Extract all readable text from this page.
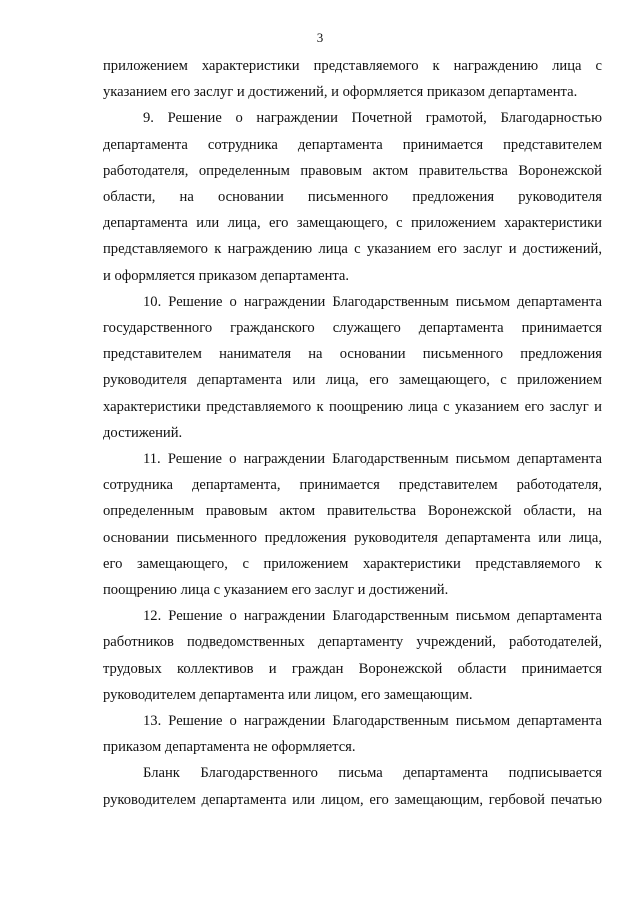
3
приложением характеристики представляемого к награждению лица с
указанием его заслуг и достижений, и оформляется приказом департамента.
9. Решение о награждении Почетной грамотой, Благодарностью
департамента сотрудника департамента принимается представителем
работодателя, определенным правовым актом правительства Воронежской
области, на основании письменного предложения руководителя
департамента или лица, его замещающего, с приложением характеристики
представляемого к награждению лица с указанием его заслуг и достижений,
и оформляется приказом департамента.
10. Решение о награждении Благодарственным письмом департамента
государственного гражданского служащего департамента принимается
представителем нанимателя на основании письменного предложения
руководителя департамента или лица, его замещающего, с приложением
характеристики представляемого к поощрению лица с указанием его заслуг и
достижений.
11. Решение о награждении Благодарственным письмом департамента
сотрудника департамента, принимается представителем работодателя,
определенным правовым актом правительства Воронежской области, на
основании письменного предложения руководителя департамента или лица,
его замещающего, с приложением характеристики представляемого к
поощрению лица с указанием его заслуг и достижений.
12. Решение о награждении Благодарственным письмом департамента
работников подведомственных департаменту учреждений, работодателей,
трудовых коллективов и граждан Воронежской области принимается
руководителем департамента или лицом, его замещающим.
13. Решение о награждении Благодарственным письмом департамента
приказом департамента не оформляется.
Бланк Благодарственного письма департамента подписывается
руководителем департамента или лицом, его замещающим, гербовой печатью
